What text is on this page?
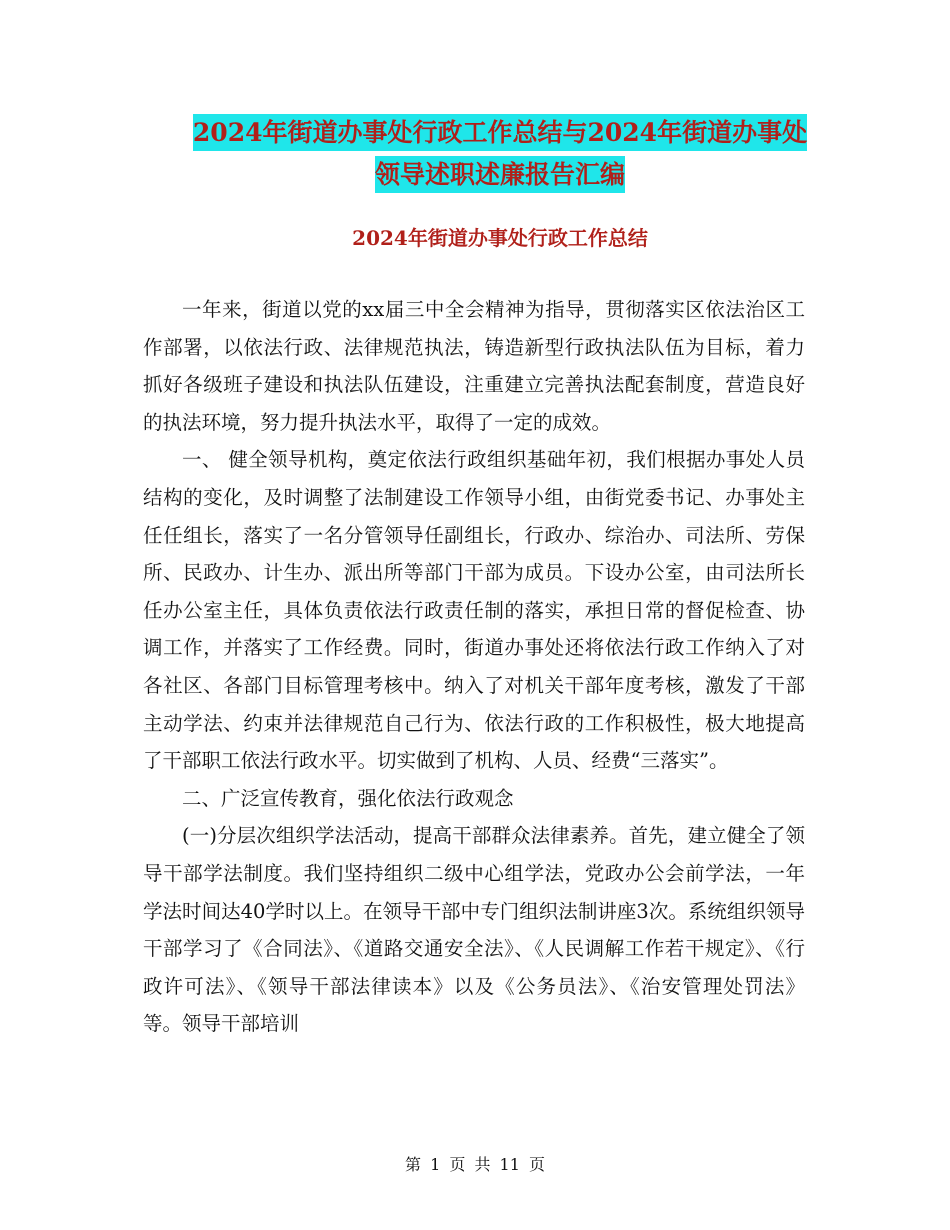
2024年街道办事处行政工作总结与2024年街道办事处
领导述职述廉报告汇编
2024年街道办事处行政工作总结

一年来，街道以党的xx届三中全会精神为指导，贯彻落实区依法治区工作部署，以依法行政、法律规范执法，铸造新型行政执法队伍为目标，着力抓好各级班子建设和执法队伍建设，注重建立完善执法配套制度，营造良好的执法环境，努力提升执法水平，取得了一定的成效。

一、 健全领导机构，奠定依法行政组织基础年初，我们根据办事处人员结构的变化，及时调整了法制建设工作领导小组，由街党委书记、办事处主任任组长，落实了一名分管领导任副组长，行政办、综治办、司法所、劳保所、民政办、计生办、派出所等部门干部为成员。下设办公室，由司法所长任办公室主任，具体负责依法行政责任制的落实，承担日常的督促检查、协调工作，并落实了工作经费。同时，街道办事处还将依法行政工作纳入了对各社区、各部门目标管理考核中。纳入了对机关干部年度考核，激发了干部主动学法、约束并法律规范自己行为、依法行政的工作积极性，极大地提高了干部职工依法行政水平。切实做到了机构、人员、经费“三落实”。

二、广泛宣传教育，强化依法行政观念

(一)分层次组织学法活动，提高干部群众法律素养。首先，建立健全了领导干部学法制度。我们坚持组织二级中心组学法，党政办公会前学法，一年学法时间达40学时以上。在领导干部中专门组织法制讲座3次。系统组织领导干部学习了《合同法》、《道路交通安全法》、《人民调解工作若干规定》、《行政许可法》、《领导干部法律读本》以及《公务员法》、《治安管理处罚法》等。领导干部培训

第 1 页 共 11 页
